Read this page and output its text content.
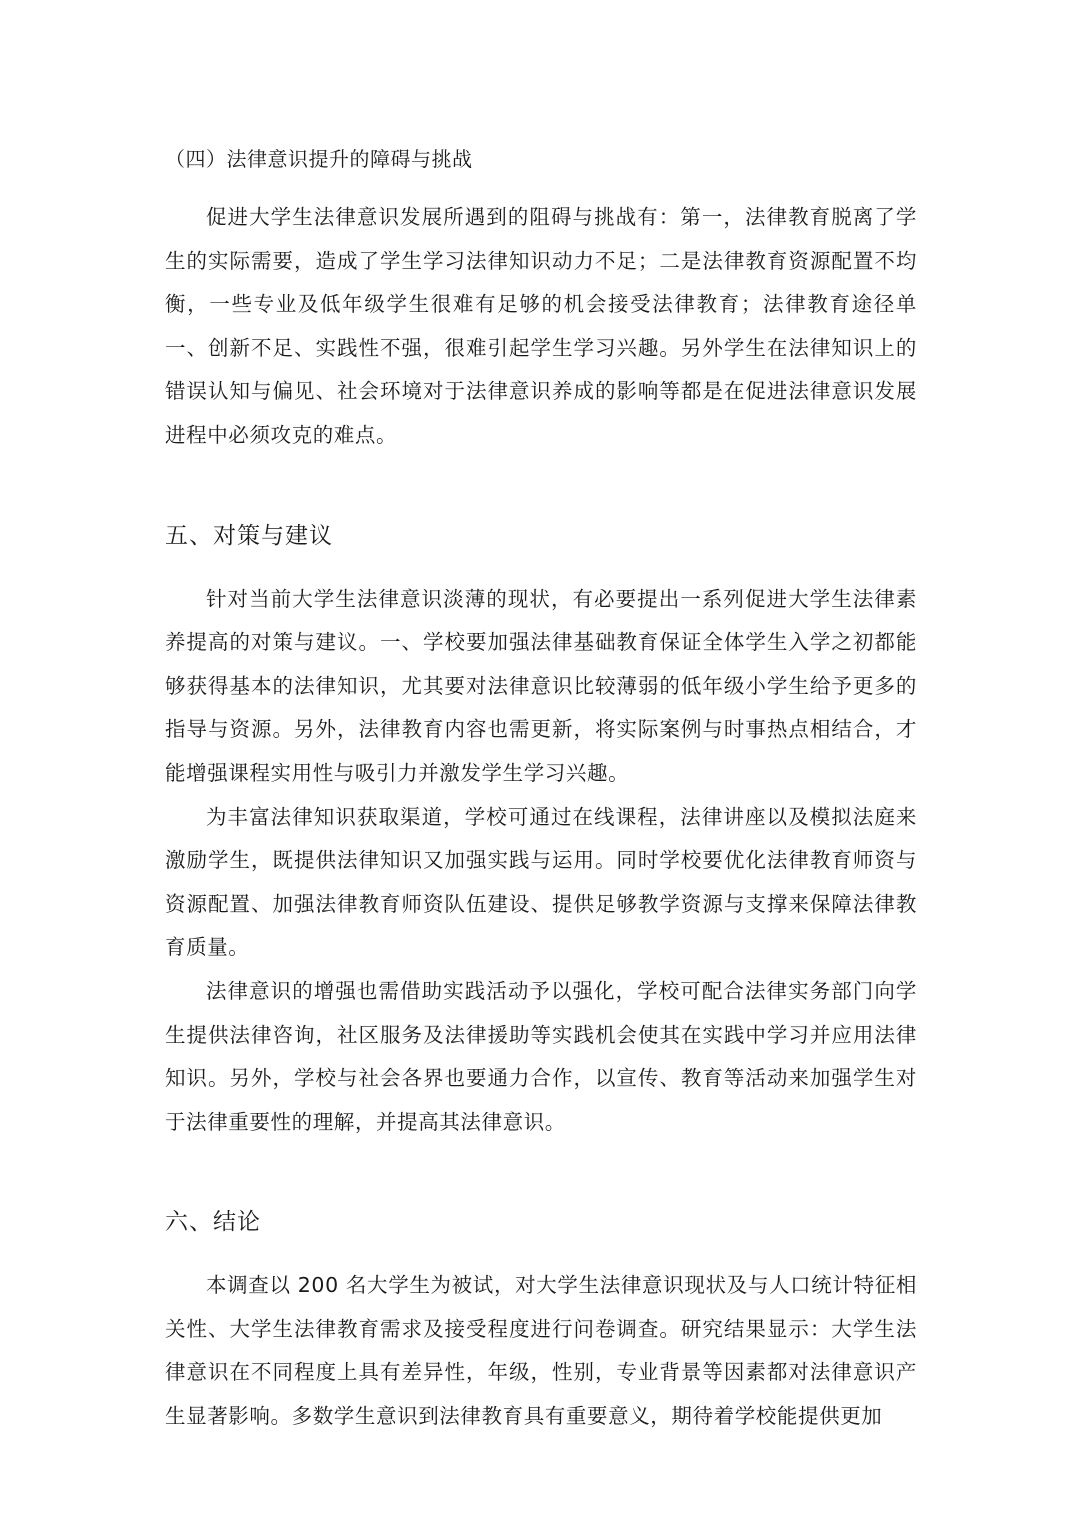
（四）法律意识提升的障碍与挑战

促进大学生法律意识发展所遇到的阻碍与挑战有：第一，法律教育脱离了学生的实际需要，造成了学生学习法律知识动力不足；二是法律教育资源配置不均衡，一些专业及低年级学生很难有足够的机会接受法律教育；法律教育途径单一、创新不足、实践性不强，很难引起学生学习兴趣。另外学生在法律知识上的错误认知与偏见、社会环境对于法律意识养成的影响等都是在促进法律意识发展进程中必须攻克的难点。

五、对策与建议

针对当前大学生法律意识淡薄的现状，有必要提出一系列促进大学生法律素养提高的对策与建议。一、学校要加强法律基础教育保证全体学生入学之初都能够获得基本的法律知识，尤其要对法律意识比较薄弱的低年级小学生给予更多的指导与资源。另外，法律教育内容也需更新，将实际案例与时事热点相结合，才能增强课程实用性与吸引力并激发学生学习兴趣。

为丰富法律知识获取渠道，学校可通过在线课程，法律讲座以及模拟法庭来激励学生，既提供法律知识又加强实践与运用。同时学校要优化法律教育师资与资源配置、加强法律教育师资队伍建设、提供足够教学资源与支撑来保障法律教育质量。

法律意识的增强也需借助实践活动予以强化，学校可配合法律实务部门向学生提供法律咨询，社区服务及法律援助等实践机会使其在实践中学习并应用法律知识。另外，学校与社会各界也要通力合作，以宣传、教育等活动来加强学生对于法律重要性的理解，并提高其法律意识。

六、结论

本调查以 200 名大学生为被试，对大学生法律意识现状及与人口统计特征相关性、大学生法律教育需求及接受程度进行问卷调查。研究结果显示：大学生法律意识在不同程度上具有差异性，年级，性别，专业背景等因素都对法律意识产生显著影响。多数学生意识到法律教育具有重要意义，期待着学校能提供更加
